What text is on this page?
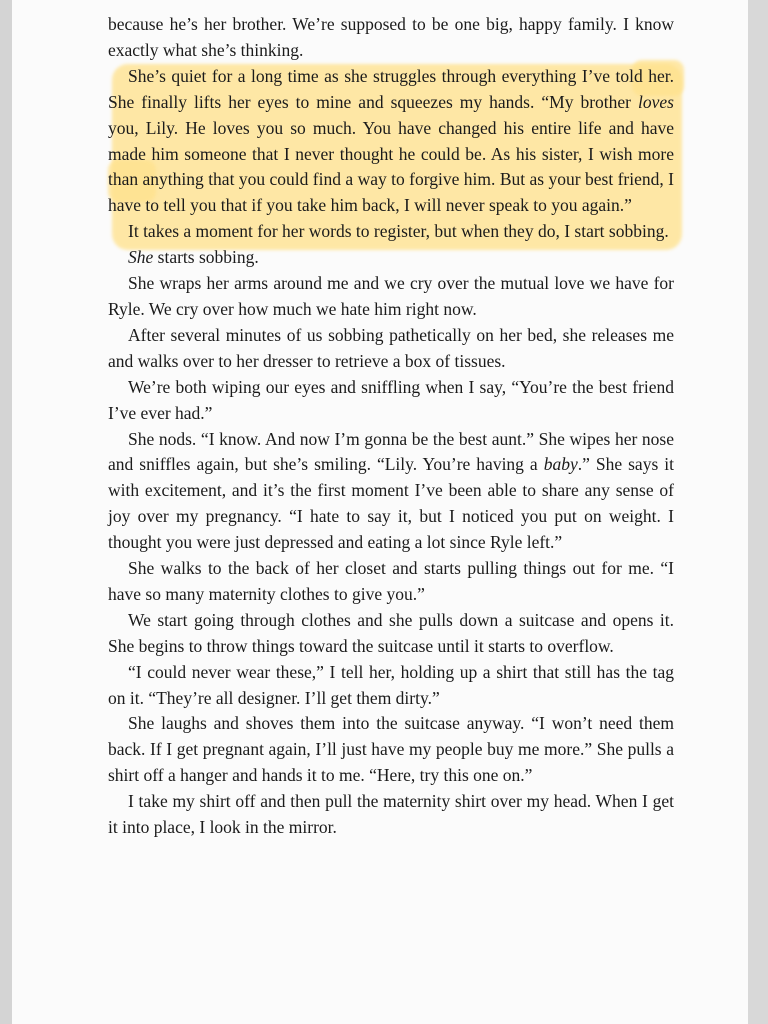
because he’s her brother. We’re supposed to be one big, happy family. I know exactly what she’s thinking.

She’s quiet for a long time as she struggles through everything I’ve told her. She finally lifts her eyes to mine and squeezes my hands. “My brother loves you, Lily. He loves you so much. You have changed his entire life and have made him someone that I never thought he could be. As his sister, I wish more than anything that you could find a way to forgive him. But as your best friend, I have to tell you that if you take him back, I will never speak to you again.”

It takes a moment for her words to register, but when they do, I start sobbing.

She starts sobbing.

She wraps her arms around me and we cry over the mutual love we have for Ryle. We cry over how much we hate him right now.

After several minutes of us sobbing pathetically on her bed, she releases me and walks over to her dresser to retrieve a box of tissues.

We’re both wiping our eyes and sniffling when I say, “You’re the best friend I’ve ever had.”

She nods. “I know. And now I’m gonna be the best aunt.” She wipes her nose and sniffles again, but she’s smiling. “Lily. You’re having a baby.” She says it with excitement, and it’s the first moment I’ve been able to share any sense of joy over my pregnancy. “I hate to say it, but I noticed you put on weight. I thought you were just depressed and eating a lot since Ryle left.”

She walks to the back of her closet and starts pulling things out for me. “I have so many maternity clothes to give you.”

We start going through clothes and she pulls down a suitcase and opens it. She begins to throw things toward the suitcase until it starts to overflow.

“I could never wear these,” I tell her, holding up a shirt that still has the tag on it. “They’re all designer. I’ll get them dirty.”

She laughs and shoves them into the suitcase anyway. “I won’t need them back. If I get pregnant again, I’ll just have my people buy me more.” She pulls a shirt off a hanger and hands it to me. “Here, try this one on.”

I take my shirt off and then pull the maternity shirt over my head. When I get it into place, I look in the mirror.
